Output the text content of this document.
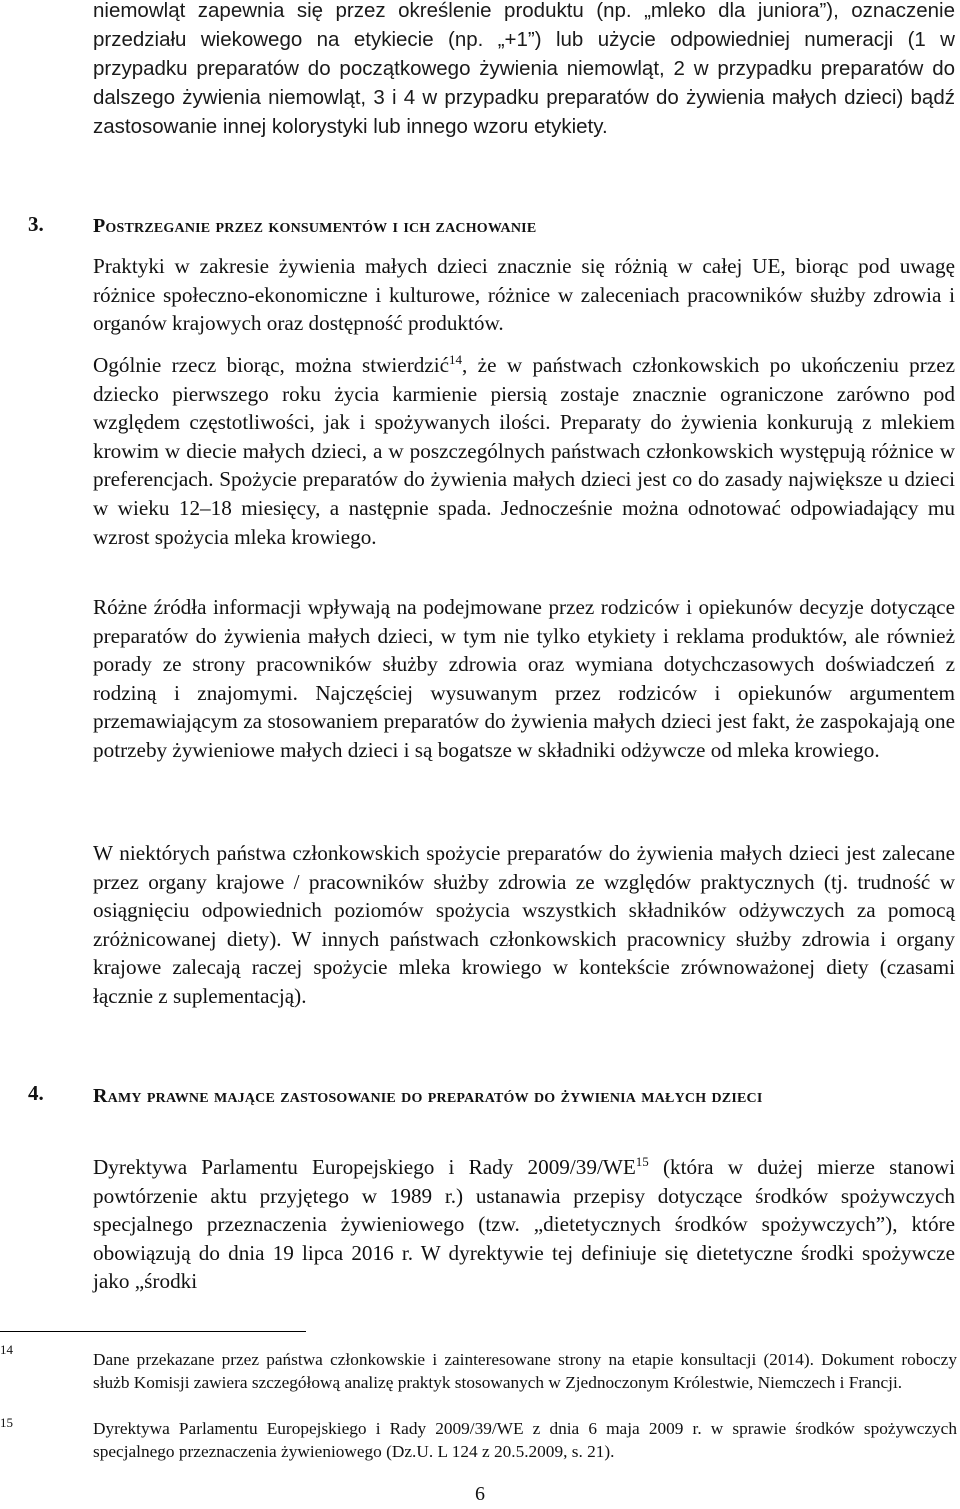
niemowląt zapewnia się przez określenie produktu (np. „mleko dla juniora”), oznaczenie przedziału wiekowego na etykiecie (np. „+1”) lub użycie odpowiedniej numeracji (1 w przypadku preparatów do początkowego żywienia niemowląt, 2 w przypadku preparatów do dalszego żywienia niemowląt, 3 i 4 w przypadku preparatów do żywienia małych dzieci) bądź zastosowanie innej kolorystyki lub innego wzoru etykiety.

3. Postrzeganie przez konsumentów i ich zachowanie

Praktyki w zakresie żywienia małych dzieci znacznie się różnią w całej UE, biorąc pod uwagę różnice społeczno-ekonomiczne i kulturowe, różnice w zaleceniach pracowników służby zdrowia i organów krajowych oraz dostępność produktów.

Ogólnie rzecz biorąc, można stwierdzić$^{14}$, że w państwach członkowskich po ukończeniu przez dziecko pierwszego roku życia karmienie piersią zostaje znacznie ograniczone zarówno pod względem częstotliwości, jak i spożywanych ilości. Preparaty do żywienia konkurują z mlekiem krowim w diecie małych dzieci, a w poszczególnych państwach członkowskich występują różnice w preferencjach. Spożycie preparatów do żywienia małych dzieci jest co do zasady największe u dzieci w wieku 12–18 miesięcy, a następnie spada. Jednocześnie można odnotować odpowiadający mu wzrost spożycia mleka krowiego.

Różne źródła informacji wpływają na podejmowane przez rodziców i opiekunów decyzje dotyczące preparatów do żywienia małych dzieci, w tym nie tylko etykiety i reklama produktów, ale również porady ze strony pracowników służby zdrowia oraz wymiana dotychczasowych doświadczeń z rodziną i znajomymi. Najczęściej wysuwanym przez rodziców i opiekunów argumentem przemawiającym za stosowaniem preparatów do żywienia małych dzieci jest fakt, że zaspokajają one potrzeby żywieniowe małych dzieci i są bogatsze w składniki odżywcze od mleka krowiego.

W niektórych państwa członkowskich spożycie preparatów do żywienia małych dzieci jest zalecane przez organy krajowe / pracowników służby zdrowia ze względów praktycznych (tj. trudność w osiągnięciu odpowiednich poziomów spożycia wszystkich składników odżywczych za pomocą zróżnicowanej diety). W innych państwach członkowskich pracownicy służby zdrowia i organy krajowe zalecają raczej spożycie mleka krowiego w kontekście zrównoważonej diety (czasami łącznie z suplementacją).

4. Ramy prawne mające zastosowanie do preparatów do żywienia małych dzieci

Dyrektywa Parlamentu Europejskiego i Rady 2009/39/WE$^{15}$ (która w dużej mierze stanowi powtórzenie aktu przyjętego w 1989 r.) ustanawia przepisy dotyczące środków spożywczych specjalnego przeznaczenia żywieniowego (tzw. „dietetycznych środków spożywczych”), które obowiązują do dnia 19 lipca 2016 r. W dyrektywie tej definiuje się dietetyczne środki spożywcze jako „środki

14

Dane przekazane przez państwa członkowskie i zainteresowane strony na etapie konsultacji (2014). Dokument roboczy służb Komisji zawiera szczegółową analizę praktyk stosowanych w Zjednoczonym Królestwie, Niemczech i Francji.

15	Dyrektywa Parlamentu Europejskiego i Rady 2009/39/WE z dnia 6 maja 2009 r. w sprawie środków spożywczych specjalnego przeznaczenia żywieniowego (Dz.U. L 124 z 20.5.2009, s. 21).

6
